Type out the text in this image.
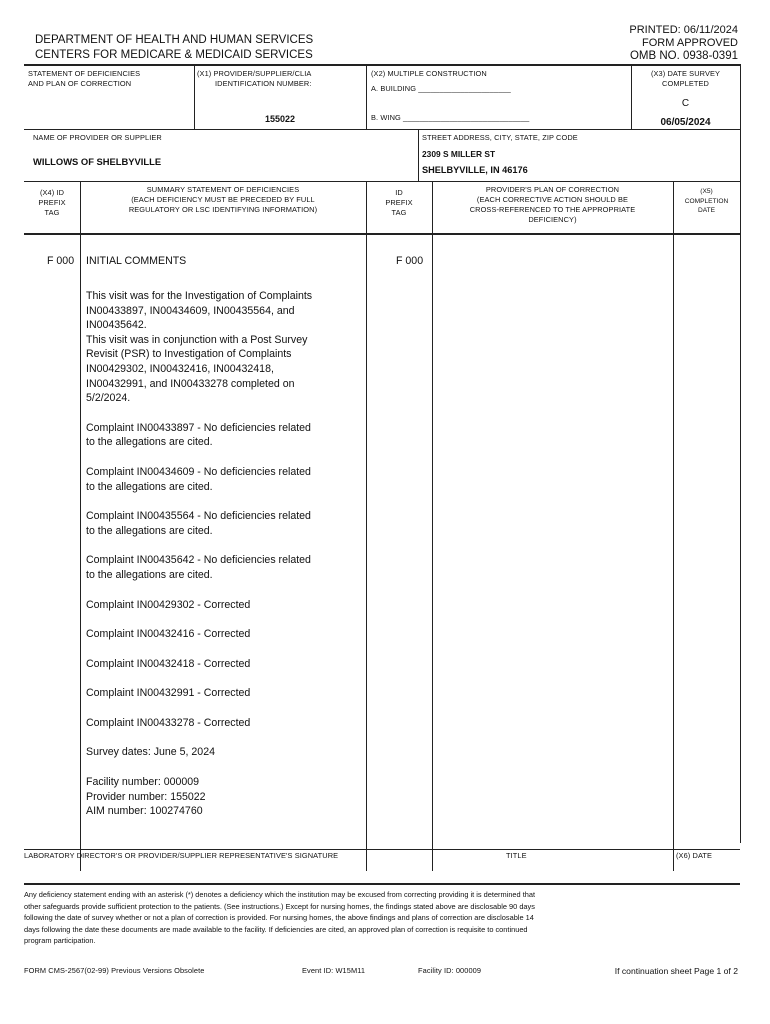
DEPARTMENT OF HEALTH AND HUMAN SERVICES
CENTERS FOR MEDICARE & MEDICAID SERVICES
PRINTED: 06/11/2024
FORM APPROVED
OMB NO. 0938-0391
STATEMENT OF DEFICIENCIES
AND PLAN OF CORRECTION
(X1) PROVIDER/SUPPLIER/CLIA
IDENTIFICATION NUMBER:
155022
(X2) MULTIPLE CONSTRUCTION
A. BUILDING ______________________
B. WING ______________________________
(X3) DATE SURVEY
COMPLETED
C
06/05/2024
NAME OF PROVIDER OR SUPPLIER
WILLOWS OF SHELBYVILLE
STREET ADDRESS, CITY, STATE, ZIP CODE
2309 S MILLER ST
SHELBYVILLE, IN 46176
(X4) ID
PREFIX
TAG
SUMMARY STATEMENT OF DEFICIENCIES
(EACH DEFICIENCY MUST BE PRECEDED BY FULL
REGULATORY OR LSC IDENTIFYING INFORMATION)
ID
PREFIX
TAG
PROVIDER'S PLAN OF CORRECTION
(EACH CORRECTIVE ACTION SHOULD BE
CROSS-REFERENCED TO THE APPROPRIATE
DEFICIENCY)
(X5)
COMPLETION
DATE
F 000	F 000
INITIAL COMMENTS
This visit was for the Investigation of Complaints
IN00433897, IN00434609, IN00435564, and
IN00435642.
This visit was in conjunction with a Post Survey
Revisit (PSR) to Investigation of Complaints
IN00429302, IN00432416, IN00432418,
IN00432991, and IN00433278 completed on
5/2/2024.
Complaint IN00433897 - No deficiencies related
to the allegations are cited.
Complaint IN00434609 - No deficiencies related
to the allegations are cited.
Complaint IN00435564 - No deficiencies related
to the allegations are cited.
Complaint IN00435642 - No deficiencies related
to the allegations are cited.
Complaint IN00429302 - Corrected
Complaint IN00432416 - Corrected
Complaint IN00432418 - Corrected
Complaint IN00432991 - Corrected
Complaint IN00433278 - Corrected
Survey dates: June 5, 2024
Facility number: 000009
Provider number: 155022
AIM number: 100274760
LABORATORY DIRECTOR'S OR PROVIDER/SUPPLIER REPRESENTATIVE'S SIGNATURE	TITLE	(X6) DATE
Any deficiency statement ending with an asterisk (*) denotes a deficiency which the institution may be excused from correcting providing it is determined that
other safeguards provide sufficient protection to the patients. (See instructions.) Except for nursing homes, the findings stated above are disclosable 90 days
following the date of survey whether or not a plan of correction is provided. For nursing homes, the above findings and plans of correction are disclosable 14
days following the date these documents are made available to the facility. If deficiencies are cited, an approved plan of correction is requisite to continued
program participation.
FORM CMS-2567(02-99) Previous Versions Obsolete	Event ID: W15M11	Facility ID: 000009	If continuation sheet Page 1 of 2
